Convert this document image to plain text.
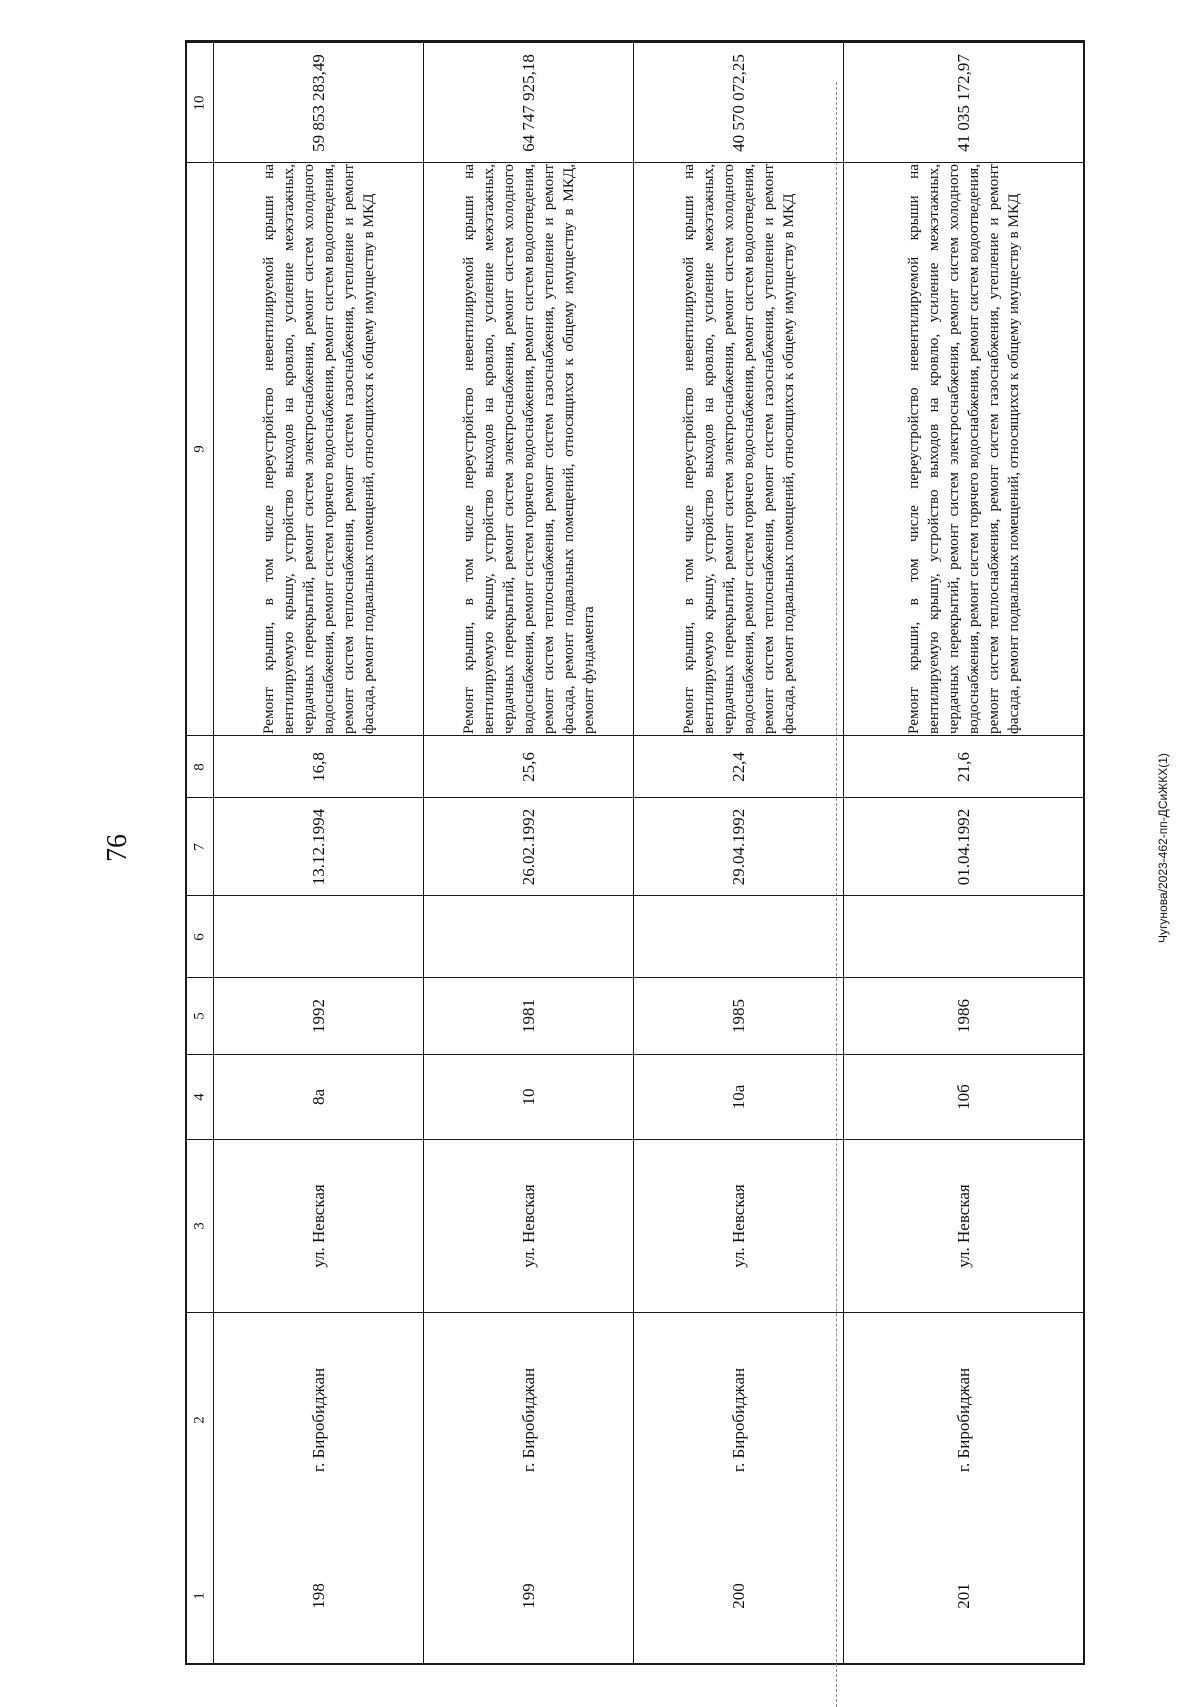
76
1
2
3
4
5
6
7
8
9
10
198
г. Биробиджан
ул. Невская
8а
1992
13.12.1994
16,8
Ремонт крыши, в том числе переустройство невентилируемой крыши на вентилируемую крышу, устройство выходов на кровлю, усиление межэтажных, чердачных перекрытий, ремонт систем электроснабжения, ремонт систем холодного водоснабжения, ремонт систем горячего водоснабжения, ремонт систем водоотведения, ремонт систем теплоснабжения, ремонт систем газоснабжения, утепление и ремонт фасада, ремонт подвальных помещений, относящихся к общему имуществу в МКД
59 853 283,49
199
г. Биробиджан
ул. Невская
10
1981
26.02.1992
25,6
Ремонт крыши, в том числе переустройство невентилируемой крыши на вентилируемую крышу, устройство выходов на кровлю, усиление межэтажных, чердачных перекрытий, ремонт систем электроснабжения, ремонт систем холодного водоснабжения, ремонт систем горячего водоснабжения, ремонт систем водоотведения, ремонт систем теплоснабжения, ремонт систем газоснабжения, утепление и ремонт фасада, ремонт подвальных помещений, относящихся к общему имуществу в МКД, ремонт фундамента
64 747 925,18
200
г. Биробиджан
ул. Невская
10а
1985
29.04.1992
22,4
Ремонт крыши, в том числе переустройство невентилируемой крыши на вентилируемую крышу, устройство выходов на кровлю, усиление межэтажных, чердачных перекрытий, ремонт систем электроснабжения, ремонт систем холодного водоснабжения, ремонт систем горячего водоснабжения, ремонт систем водоотведения, ремонт систем теплоснабжения, ремонт систем газоснабжения, утепление и ремонт фасада, ремонт подвальных помещений, относящихся к общему имуществу в МКД
40 570 072,25
201
г. Биробиджан
ул. Невская
10б
1986
01.04.1992
21,6
Ремонт крыши, в том числе переустройство невентилируемой крыши на вентилируемую крышу, устройство выходов на кровлю, усиление межэтажных, чердачных перекрытий, ремонт систем электроснабжения, ремонт систем холодного водоснабжения, ремонт систем горячего водоснабжения, ремонт систем водоотведения, ремонт систем теплоснабжения, ремонт систем газоснабжения, утепление и ремонт фасада, ремонт подвальных помещений, относящихся к общему имуществу в МКД
41 035 172,97
Чугунова/2023-462-пп-ДСиЖКХ(1)
